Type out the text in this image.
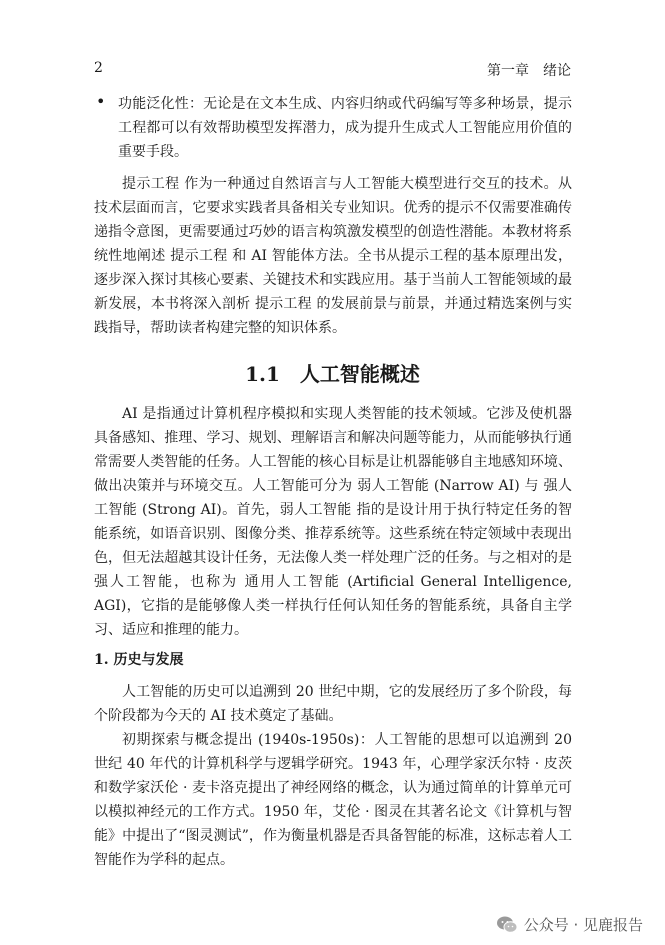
2	第一章　绪论
• 功能泛化性：无论是在文本生成、内容归纳或代码编写等多种场景，提示工程都可以有效帮助模型发挥潜力，成为提升生成式人工智能应用价值的重要手段。
提示工程 作为一种通过自然语言与人工智能大模型进行交互的技术。从技术层面而言，它要求实践者具备相关专业知识。优秀的提示不仅需要准确传递指令意图，更需要通过巧妙的语言构筑激发模型的创造性潜能。本教材将系统性地阐述 提示工程 和 AI 智能体方法。全书从提示工程的基本原理出发，逐步深入探讨其核心要素、关键技术和实践应用。基于当前人工智能领域的最新发展，本书将深入剖析 提示工程 的发展前景与前景，并通过精选案例与实践指导，帮助读者构建完整的知识体系。
1.1　人工智能概述
AI 是指通过计算机程序模拟和实现人类智能的技术领域。它涉及使机器具备感知、推理、学习、规划、理解语言和解决问题等能力，从而能够执行通常需要人类智能的任务。人工智能的核心目标是让机器能够自主地感知环境、做出决策并与环境交互。人工智能可分为 弱人工智能 (Narrow AI) 与 强人工智能 (Strong AI)。首先，弱人工智能 指的是设计用于执行特定任务的智能系统，如语音识别、图像分类、推荐系统等。这些系统在特定领域中表现出色，但无法超越其设计任务，无法像人类一样处理广泛的任务。与之相对的是 强人工智能，也称为 通用人工智能 (Artificial General Intelligence, AGI)，它指的是能够像人类一样执行任何认知任务的智能系统，具备自主学习、适应和推理的能力。
1. 历史与发展
人工智能的历史可以追溯到 20 世纪中期，它的发展经历了多个阶段，每个阶段都为今天的 AI 技术奠定了基础。
初期探索与概念提出 (1940s-1950s)：人工智能的思想可以追溯到 20 世纪 40 年代的计算机科学与逻辑学研究。1943 年，心理学家沃尔特 · 皮茨和数学家沃伦 · 麦卡洛克提出了神经网络的概念，认为通过简单的计算单元可以模拟神经元的工作方式。1950 年，艾伦 · 图灵在其著名论文《计算机与智能》中提出了“图灵测试”，作为衡量机器是否具备智能的标准，这标志着人工智能作为学科的起点。
公众号 · 见鹿报告
